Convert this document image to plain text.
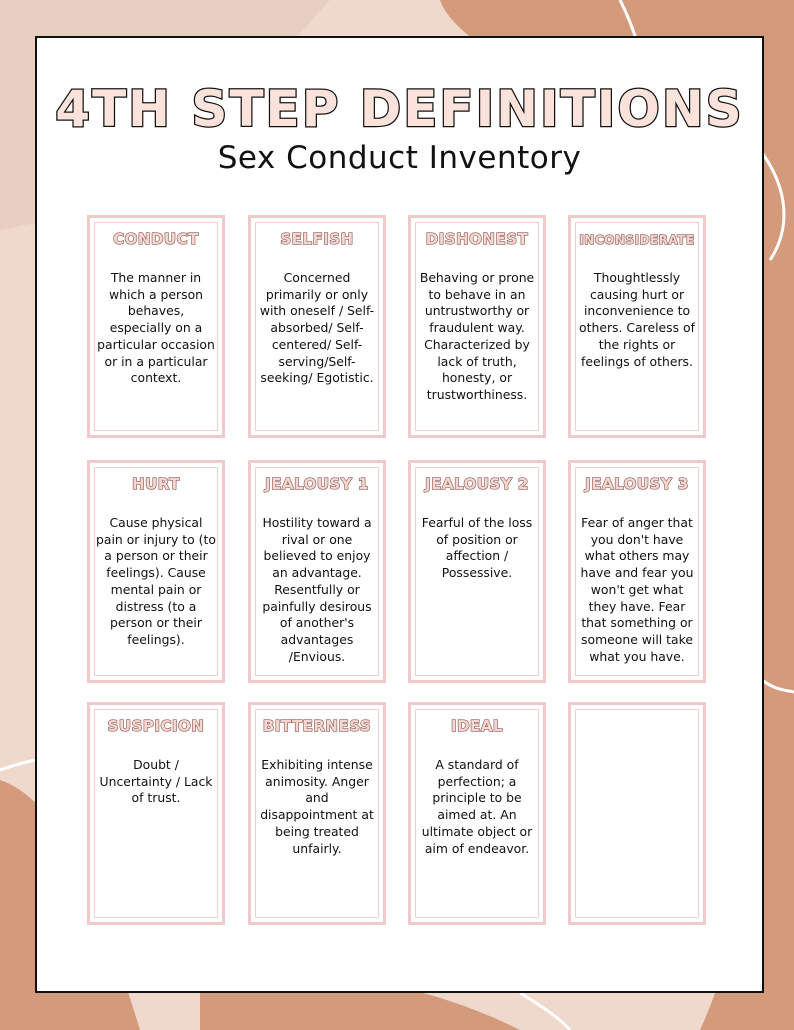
4TH STEP DEFINITIONS
Sex Conduct Inventory
CONDUCT
The manner in which a person behaves, especially on a particular occasion or in a particular context.
SELFISH
Concerned primarily or only with oneself / Self-absorbed/ Self-centered/ Self-serving/Self-seeking/ Egotistic.
DISHONEST
Behaving or prone to behave in an untrustworthy or fraudulent way. Characterized by lack of truth, honesty, or trustworthiness.
INCONSIDERATE
Thoughtlessly causing hurt or inconvenience to others. Careless of the rights or feelings of others.
HURT
Cause physical pain or injury to (to a person or their feelings). Cause mental pain or distress (to a person or their feelings).
JEALOUSY 1
Hostility toward a rival or one believed to enjoy an advantage. Resentfully or painfully desirous of another's advantages /Envious.
JEALOUSY 2
Fearful of the loss of position or affection / Possessive.
JEALOUSY 3
Fear of anger that you don't have what others may have and fear you won't get what they have. Fear that something or someone will take what you have.
SUSPICION
Doubt / Uncertainty / Lack of trust.
BITTERNESS
Exhibiting intense animosity. Anger and disappointment at being treated unfairly.
IDEAL
A standard of perfection; a principle to be aimed at. An ultimate object or aim of endeavor.
